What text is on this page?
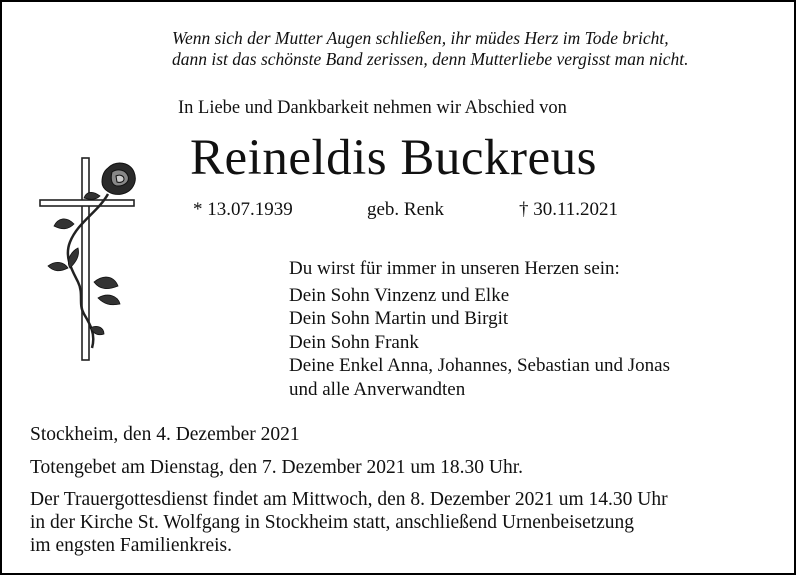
Wenn sich der Mutter Augen schließen, ihr müdes Herz im Tode bricht,
dann ist das schönste Band zerissen, denn Mutterliebe vergisst man nicht.
In Liebe und Dankbarkeit nehmen wir Abschied von
Reineldis Buckreus
* 13.07.1939	geb. Renk	† 30.11.2021
Du wirst für immer in unseren Herzen sein:
Dein Sohn Vinzenz und Elke
Dein Sohn Martin und Birgit
Dein Sohn Frank
Deine Enkel Anna, Johannes, Sebastian und Jonas
und alle Anverwandten
Stockheim, den 4. Dezember 2021
Totengebet am Dienstag, den 7. Dezember 2021 um 18.30 Uhr.
Der Trauergottesdienst findet am Mittwoch, den 8. Dezember 2021 um 14.30 Uhr
in der Kirche St. Wolfgang in Stockheim statt, anschließend Urnenbeisetzung
im engsten Familienkreis.
